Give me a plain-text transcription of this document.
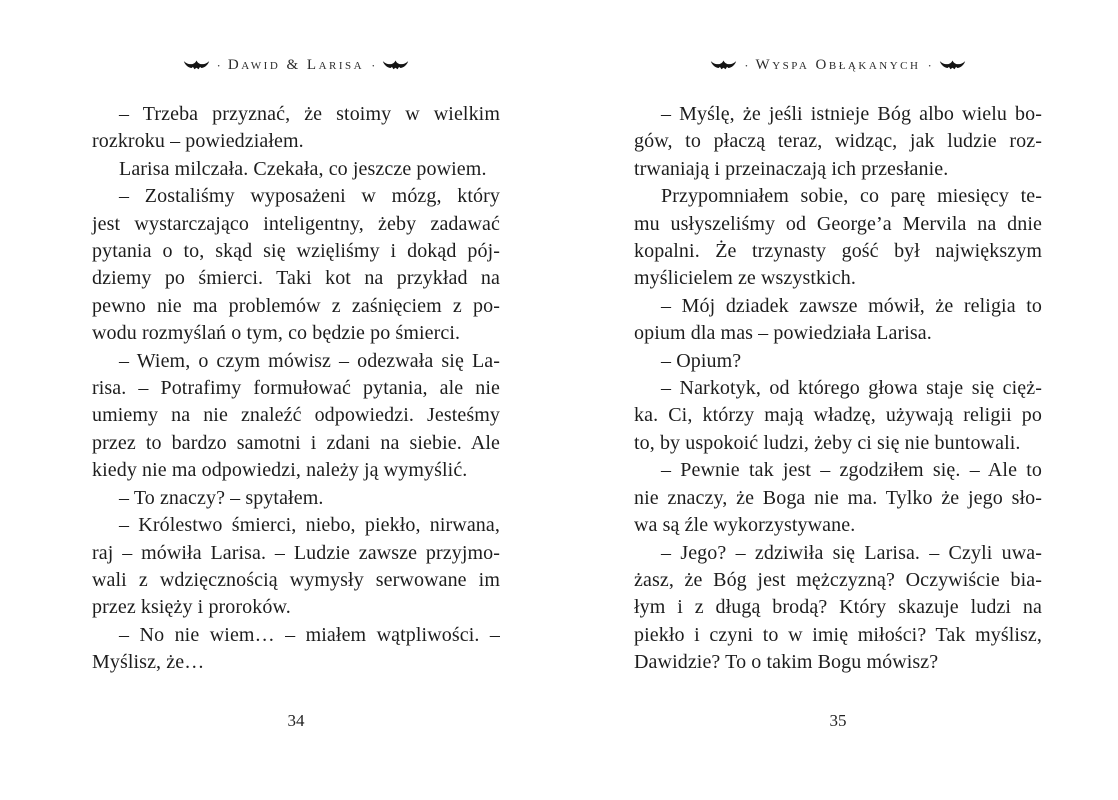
· Dawid & Larisa ·
– Trzeba przyznać, że stoimy w wielkim
rozkroku – powiedziałem.
Larisa milczała. Czekała, co jeszcze powiem.
– Zostaliśmy wyposażeni w mózg, który
jest wystarczająco inteligentny, żeby zadawać
pytania o to, skąd się wzięliśmy i dokąd pój-
dziemy po śmierci. Taki kot na przykład na
pewno nie ma problemów z zaśnięciem z po-
wodu rozmyślań o tym, co będzie po śmierci.
– Wiem, o czym mówisz – odezwała się La-
risa. – Potrafimy formułować pytania, ale nie
umiemy na nie znaleźć odpowiedzi. Jesteśmy
przez to bardzo samotni i zdani na siebie. Ale
kiedy nie ma odpowiedzi, należy ją wymyślić.
– To znaczy? – spytałem.
– Królestwo śmierci, niebo, piekło, nirwana,
raj – mówiła Larisa. – Ludzie zawsze przyjmo-
wali z wdzięcznością wymysły serwowane im
przez księży i proroków.
– No nie wiem… – miałem wątpliwości. –
Myślisz, że…
34
· Wyspa Obłąkanych ·
– Myślę, że jeśli istnieje Bóg albo wielu bo-
gów, to płaczą teraz, widząc, jak ludzie roz-
trwaniają i przeinaczają ich przesłanie.
Przypomniałem sobie, co parę miesięcy te-
mu usłyszeliśmy od George’a Mervila na dnie
kopalni. Że trzynasty gość był największym
myślicielem ze wszystkich.
– Mój dziadek zawsze mówił, że religia to
opium dla mas – powiedziała Larisa.
– Opium?
– Narkotyk, od którego głowa staje się cięż-
ka. Ci, którzy mają władzę, używają religii po
to, by uspokoić ludzi, żeby ci się nie buntowali.
– Pewnie tak jest – zgodziłem się. – Ale to
nie znaczy, że Boga nie ma. Tylko że jego sło-
wa są źle wykorzystywane.
– Jego? – zdziwiła się Larisa. – Czyli uwa-
żasz, że Bóg jest mężczyzną? Oczywiście bia-
łym i z długą brodą? Który skazuje ludzi na
piekło i czyni to w imię miłości? Tak myślisz,
Dawidzie? To o takim Bogu mówisz?
35
